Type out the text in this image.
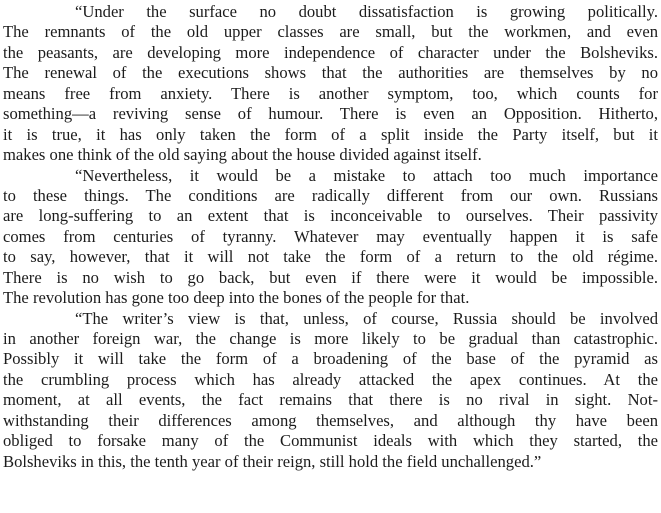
“Under the surface no doubt dissatisfaction is growing politically.
The remnants of the old upper classes are small, but the workmen, and even
the peasants, are developing more independence of character under the Bolsheviks.
The renewal of the executions shows that the authorities are themselves by no
means free from anxiety. There is another symptom, too, which counts for
something—a reviving sense of humour. There is even an Opposition. Hitherto,
it is true, it has only taken the form of a split inside the Party itself, but it
makes one think of the old saying about the house divided against itself.
“Nevertheless, it would be a mistake to attach too much importance
to these things. The conditions are radically different from our own. Russians
are long-suffering to an extent that is inconceivable to ourselves. Their passivity
comes from centuries of tyranny. Whatever may eventually happen it is safe
to say, however, that it will not take the form of a return to the old régime.
There is no wish to go back, but even if there were it would be impossible.
The revolution has gone too deep into the bones of the people for that.
“The writer’s view is that, unless, of course, Russia should be involved
in another foreign war, the change is more likely to be gradual than catastrophic.
Possibly it will take the form of a broadening of the base of the pyramid as
the crumbling process which has already attacked the apex continues. At the
moment, at all events, the fact remains that there is no rival in sight. Not-
withstanding their differences among themselves, and although thy have been
obliged to forsake many of the Communist ideals with which they started, the
Bolsheviks in this, the tenth year of their reign, still hold the field unchallenged.”
